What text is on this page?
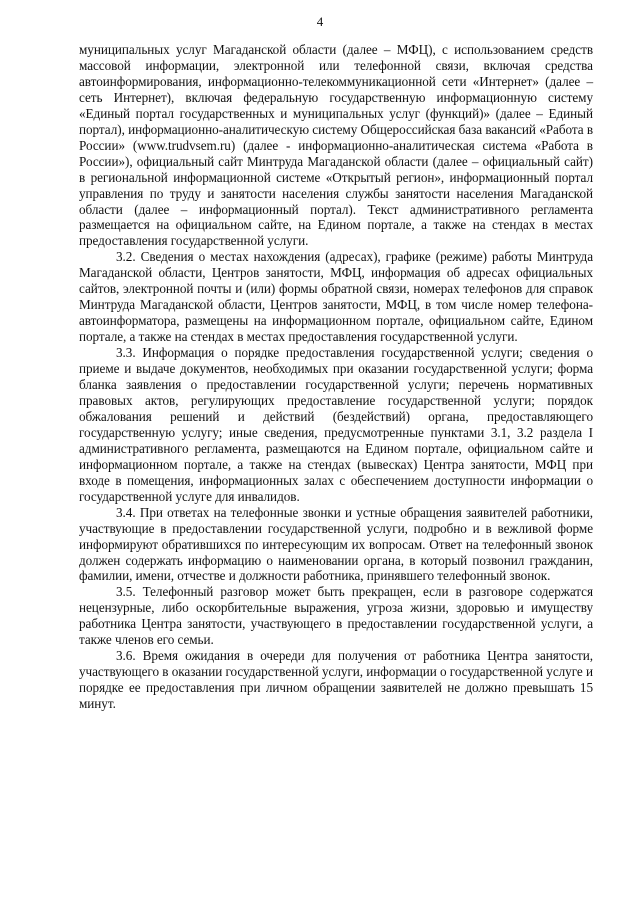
4

муниципальных услуг Магаданской области (далее – МФЦ), с использованием средств массовой информации, электронной или телефонной связи, включая средства автоинформирования, информационно-телекоммуникационной сети «Интернет» (далее – сеть Интернет), включая федеральную государственную информационную систему «Единый портал государственных и муниципальных услуг (функций)» (далее – Единый портал), информационно-аналитическую систему Общероссийская база вакансий «Работа в России» (www.trudvsem.ru) (далее - информационно-аналитическая система «Работа в России»), официальный сайт Минтруда Магаданской области (далее – официальный сайт) в региональной информационной системе «Открытый регион», информационный портал управления по труду и занятости населения службы занятости населения Магаданской области (далее – информационный портал). Текст административного регламента размещается на официальном сайте, на Едином портале, а также на стендах в местах предоставления государственной услуги.

3.2. Сведения о местах нахождения (адресах), графике (режиме) работы Минтруда Магаданской области, Центров занятости, МФЦ, информация об адресах официальных сайтов, электронной почты и (или) формы обратной связи, номерах телефонов для справок Минтруда Магаданской области, Центров занятости, МФЦ, в том числе номер телефона-автоинформатора, размещены на информационном портале, официальном сайте, Едином портале, а также на стендах в местах предоставления государственной услуги.

3.3. Информация о порядке предоставления государственной услуги; сведения о приеме и выдаче документов, необходимых при оказании государственной услуги; форма бланка заявления о предоставлении государственной услуги; перечень нормативных правовых актов, регулирующих предоставление государственной услуги; порядок обжалования решений и действий (бездействий) органа, предоставляющего государственную услугу; иные сведения, предусмотренные пунктами 3.1, 3.2 раздела I административного регламента, размещаются на Едином портале, официальном сайте и информационном портале, а также на стендах (вывесках) Центра занятости, МФЦ при входе в помещения, информационных залах с обеспечением доступности информации о государственной услуге для инвалидов.

3.4. При ответах на телефонные звонки и устные обращения заявителей работники, участвующие в предоставлении государственной услуги, подробно и в вежливой форме информируют обратившихся по интересующим их вопросам. Ответ на телефонный звонок должен содержать информацию о наименовании органа, в который позвонил гражданин, фамилии, имени, отчестве и должности работника, принявшего телефонный звонок.

3.5. Телефонный разговор может быть прекращен, если в разговоре содержатся нецензурные, либо оскорбительные выражения, угроза жизни, здоровью и имуществу работника Центра занятости, участвующего в предоставлении государственной услуги, а также членов его семьи.

3.6. Время ожидания в очереди для получения от работника Центра занятости, участвующего в оказании государственной услуги, информации о государственной услуге и порядке ее предоставления при личном обращении заявителей не должно превышать 15 минут.
